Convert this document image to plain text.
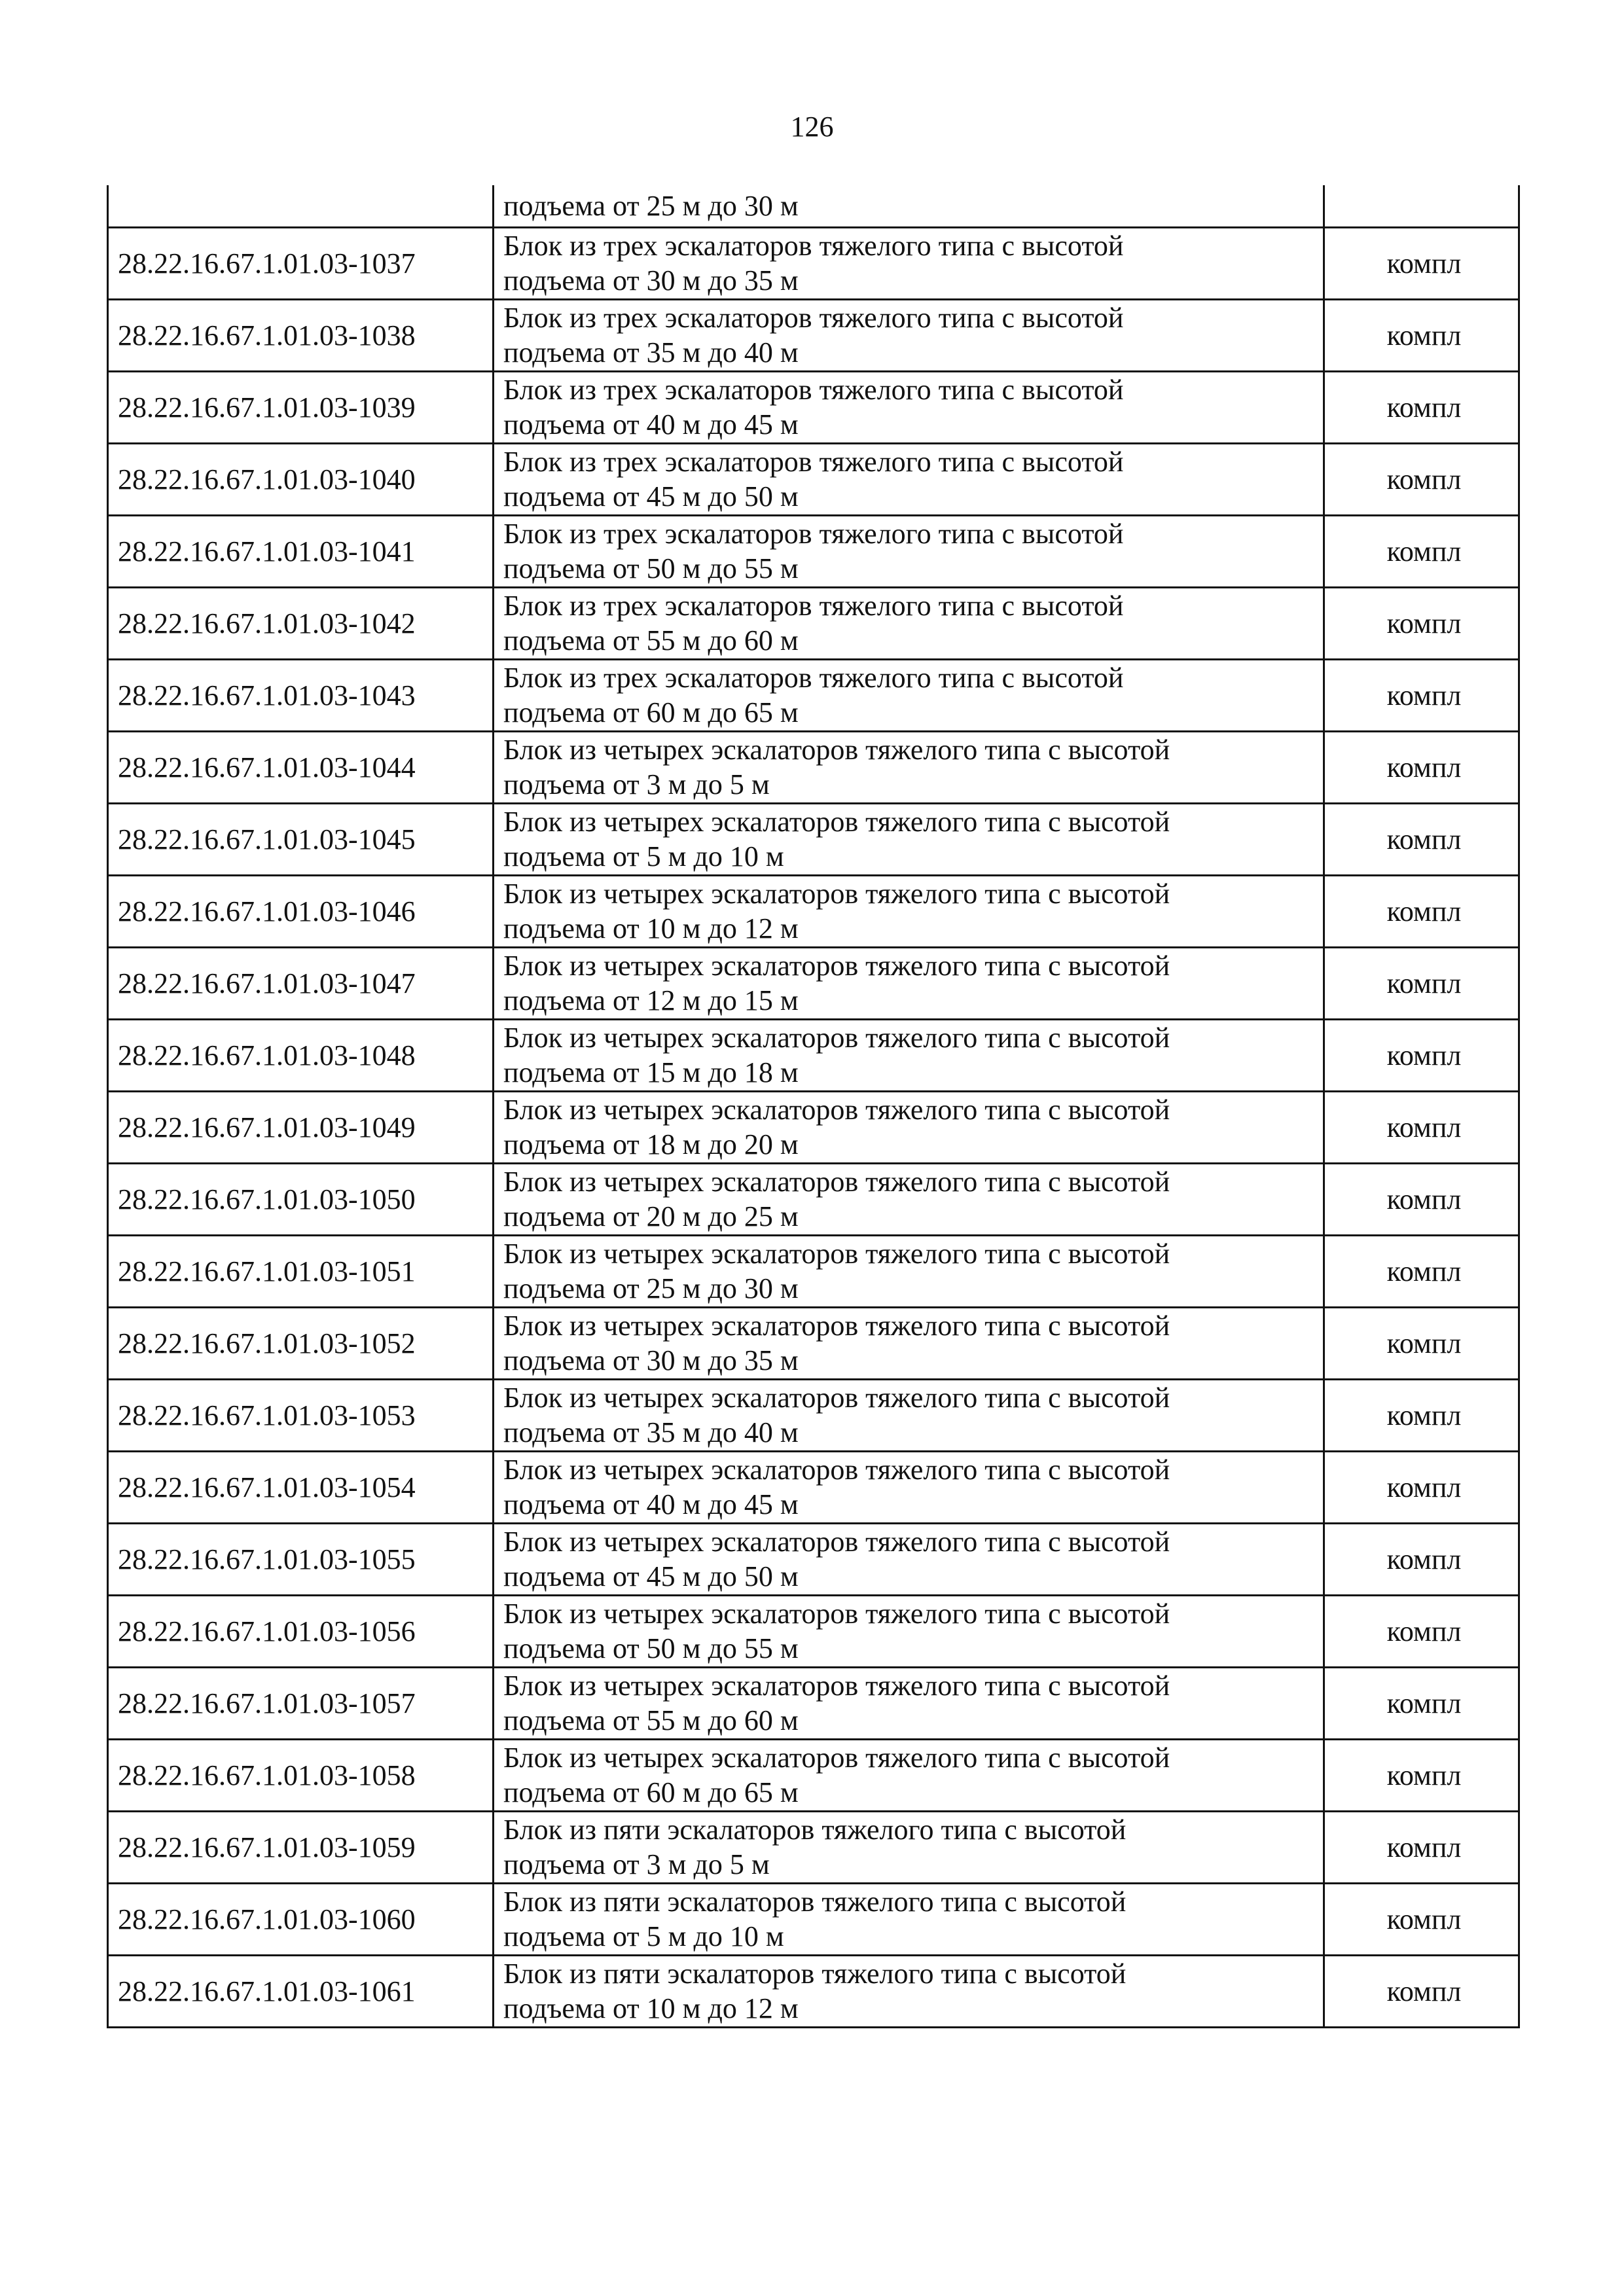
126

	подъема от 25 м до 30 м	

28.22.16.67.1.01.03-1037	Блок из трех эскалаторов тяжелого типа с высотой
подъема от 30 м до 35 м	компл
28.22.16.67.1.01.03-1038	Блок из трех эскалаторов тяжелого типа с высотой
подъема от 35 м до 40 м	компл
28.22.16.67.1.01.03-1039	Блок из трех эскалаторов тяжелого типа с высотой
подъема от 40 м до 45 м	компл
28.22.16.67.1.01.03-1040	Блок из трех эскалаторов тяжелого типа с высотой
подъема от 45 м до 50 м	компл
28.22.16.67.1.01.03-1041	Блок из трех эскалаторов тяжелого типа с высотой
подъема от 50 м до 55 м	компл
28.22.16.67.1.01.03-1042	Блок из трех эскалаторов тяжелого типа с высотой
подъема от 55 м до 60 м	компл
28.22.16.67.1.01.03-1043	Блок из трех эскалаторов тяжелого типа с высотой
подъема от 60 м до 65 м	компл
28.22.16.67.1.01.03-1044	Блок из четырех эскалаторов тяжелого типа с высотой
подъема от 3 м до 5 м	компл
28.22.16.67.1.01.03-1045	Блок из четырех эскалаторов тяжелого типа с высотой
подъема от 5 м до 10 м	компл
28.22.16.67.1.01.03-1046	Блок из четырех эскалаторов тяжелого типа с высотой
подъема от 10 м до 12 м	компл
28.22.16.67.1.01.03-1047	Блок из четырех эскалаторов тяжелого типа с высотой
подъема от 12 м до 15 м	компл
28.22.16.67.1.01.03-1048	Блок из четырех эскалаторов тяжелого типа с высотой
подъема от 15 м до 18 м	компл
28.22.16.67.1.01.03-1049	Блок из четырех эскалаторов тяжелого типа с высотой
подъема от 18 м до 20 м	компл
28.22.16.67.1.01.03-1050	Блок из четырех эскалаторов тяжелого типа с высотой
подъема от 20 м до 25 м	компл
28.22.16.67.1.01.03-1051	Блок из четырех эскалаторов тяжелого типа с высотой
подъема от 25 м до 30 м	компл
28.22.16.67.1.01.03-1052	Блок из четырех эскалаторов тяжелого типа с высотой
подъема от 30 м до 35 м	компл
28.22.16.67.1.01.03-1053	Блок из четырех эскалаторов тяжелого типа с высотой
подъема от 35 м до 40 м	компл
28.22.16.67.1.01.03-1054	Блок из четырех эскалаторов тяжелого типа с высотой
подъема от 40 м до 45 м	компл
28.22.16.67.1.01.03-1055	Блок из четырех эскалаторов тяжелого типа с высотой
подъема от 45 м до 50 м	компл
28.22.16.67.1.01.03-1056	Блок из четырех эскалаторов тяжелого типа с высотой
подъема от 50 м до 55 м	компл
28.22.16.67.1.01.03-1057	Блок из четырех эскалаторов тяжелого типа с высотой
подъема от 55 м до 60 м	компл
28.22.16.67.1.01.03-1058	Блок из четырех эскалаторов тяжелого типа с высотой
подъема от 60 м до 65 м	компл
28.22.16.67.1.01.03-1059	Блок из пяти эскалаторов тяжелого типа с высотой
подъема от 3 м до 5 м	компл
28.22.16.67.1.01.03-1060	Блок из пяти эскалаторов тяжелого типа с высотой
подъема от 5 м до 10 м	компл
28.22.16.67.1.01.03-1061	Блок из пяти эскалаторов тяжелого типа с высотой
подъема от 10 м до 12 м	компл
